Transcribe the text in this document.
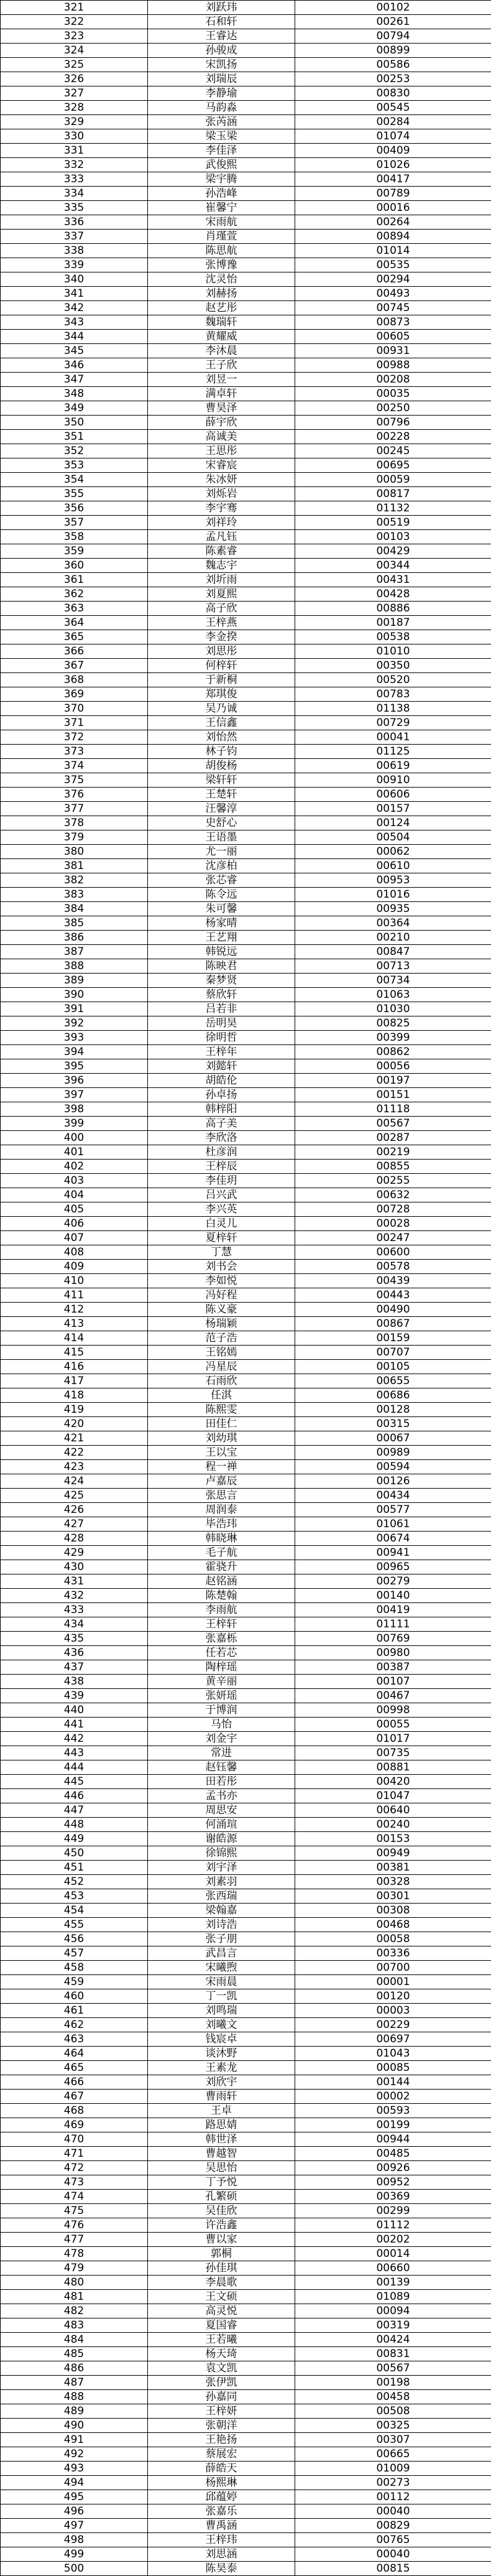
321	刘跃玮	00102
322	石和轩	00261
323	王睿达	00794
324	孙骏成	00899
325	宋凯扬	00586
326	刘瑞辰	00253
327	李静瑜	00830
328	马韵淼	00545
329	张芮涵	00284
330	梁玉梁	01074
331	李佳泽	00409
332	武俊熙	01026
333	梁宇腾	00417
334	孙浩峰	00789
335	崔馨宁	00016
336	宋雨航	00264
337	肖瑾萱	00894
338	陈思航	01014
339	张博豫	00535
340	沈灵怡	00294
341	刘赫扬	00493
342	赵艺彤	00745
343	魏瑞轩	00873
344	黄耀威	00605
345	李沐晨	00931
346	王子欣	00988
347	刘昱一	00208
348	满卓轩	00035
349	曹昊泽	00250
350	薛宇欣	00796
351	高诚美	00228
352	王思彤	00245
353	宋睿宸	00695
354	朱冰妍	00059
355	刘烁岩	00817
356	李宇骞	01132
357	刘祥玲	00519
358	孟凡钰	00103
359	陈素睿	00429
360	魏志宇	00344
361	刘圻雨	00431
362	刘夏熙	00428
363	高子欣	00886
364	王梓燕	00187
365	李金揆	00538
366	刘思彤	01010
367	何梓轩	00350
368	于新桐	00520
369	郑琪俊	00783
370	吴乃诚	01138
371	王信鑫	00729
372	刘怡然	00041
373	林子钧	01125
374	胡俊杨	00619
375	梁轩轩	00910
376	王楚轩	00606
377	汪馨淳	00157
378	史舒心	00124
379	王语墨	00504
380	尤一丽	00062
381	沈彦柏	00610
382	张芯睿	00953
383	陈令远	01016
384	朱可馨	00935
385	杨家晴	00364
386	王艺翔	00210
387	韩锐远	00847
388	陈映君	00713
389	秦梦贤	00734
390	蔡欣轩	01063
391	吕若非	01030
392	岳明昊	00825
393	徐明哲	00399
394	王梓年	00862
395	刘懿轩	00056
396	胡皓伦	00197
397	孙卓扬	00151
398	韩梓阳	01118
399	高子美	00567
400	李欣洛	00287
401	杜彦润	00219
402	王梓辰	00855
403	李佳玥	00255
404	吕兴武	00632
405	李兴英	00728
406	白灵儿	00028
407	夏梓轩	00247
408	丁慧	00600
409	刘书会	00578
410	李如悦	00439
411	冯好程	00443
412	陈义豪	00490
413	杨瑞颖	00867
414	范子浩	00159
415	王铭嫣	00707
416	冯星辰	00105
417	石雨欣	00655
418	任淇	00686
419	陈熙雯	00128
420	田佳仁	00315
421	刘幼琪	00067
422	王以宝	00989
423	程一禅	00594
424	卢嘉辰	00126
425	张思言	00434
426	周润泰	00577
427	毕浩玮	01061
428	韩晓琳	00674
429	毛子航	00941
430	霍骁升	00965
431	赵铭涵	00279
432	陈楚翰	00140
433	李雨航	00419
434	王梓轩	01111
435	张嘉栎	00769
436	任若芯	00980
437	陶梓瑶	00387
438	黄辛丽	00107
439	张妍瑶	00467
440	于博润	00998
441	马怡	00055
442	刘金宇	01017
443	常进	00735
444	赵钰馨	00881
445	田若彤	00420
446	孟书亦	01047
447	周思安	00640
448	何涌瑄	00240
449	谢皓源	00153
450	徐锦熙	00949
451	刘宇泽	00381
452	刘素羽	00328
453	张西瑞	00301
454	梁翰嘉	00308
455	刘诗浩	00468
456	张子朋	00058
457	武昌言	00336
458	宋曦煦	00700
459	宋雨晨	00001
460	丁一凯	00120
461	刘鸣瑞	00003
462	刘曦文	00229
463	钱宸卓	00697
464	谈沐野	01043
465	王素龙	00085
466	刘欣宇	00144
467	曹雨轩	00002
468	王卓	00593
469	路思婧	00199
470	韩世泽	00944
471	曹越智	00485
472	吴思怡	00926
473	丁予悦	00952
474	孔繁硕	00369
475	吴佳欣	00299
476	许浩鑫	01112
477	曹以家	00202
478	郭桐	00014
479	孙佳琪	00660
480	李晨歌	00139
481	王文硕	01089
482	高灵悦	00094
483	夏国睿	00319
484	王若曦	00424
485	杨天琦	00831
486	袁文凯	00567
487	张伊凯	00198
488	孙嘉同	00458
489	王梓妍	00508
490	张朝洋	00325
491	王艳扬	00307
492	蔡展宏	00665
493	薛皓天	01009
494	杨熙琳	00273
495	邱蕴婷	00112
496	张嘉乐	00040
497	曹禹涵	00829
498	王梓玮	00765
499	刘思涵	00040
500	陈昊泰	00815
